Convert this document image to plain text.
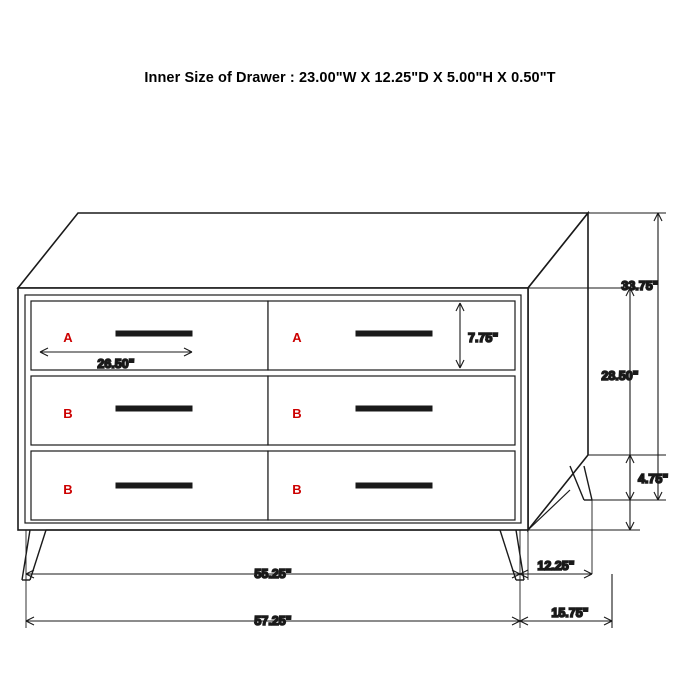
Inner Size of Drawer : 23.00"W X 12.25"D X 5.00"H X 0.50"T
26.50"
7.75"
33.75"
28.50"
4.75"
55.25"
12.25"
57.25"
15.75"
A	A
B	B
B	B
